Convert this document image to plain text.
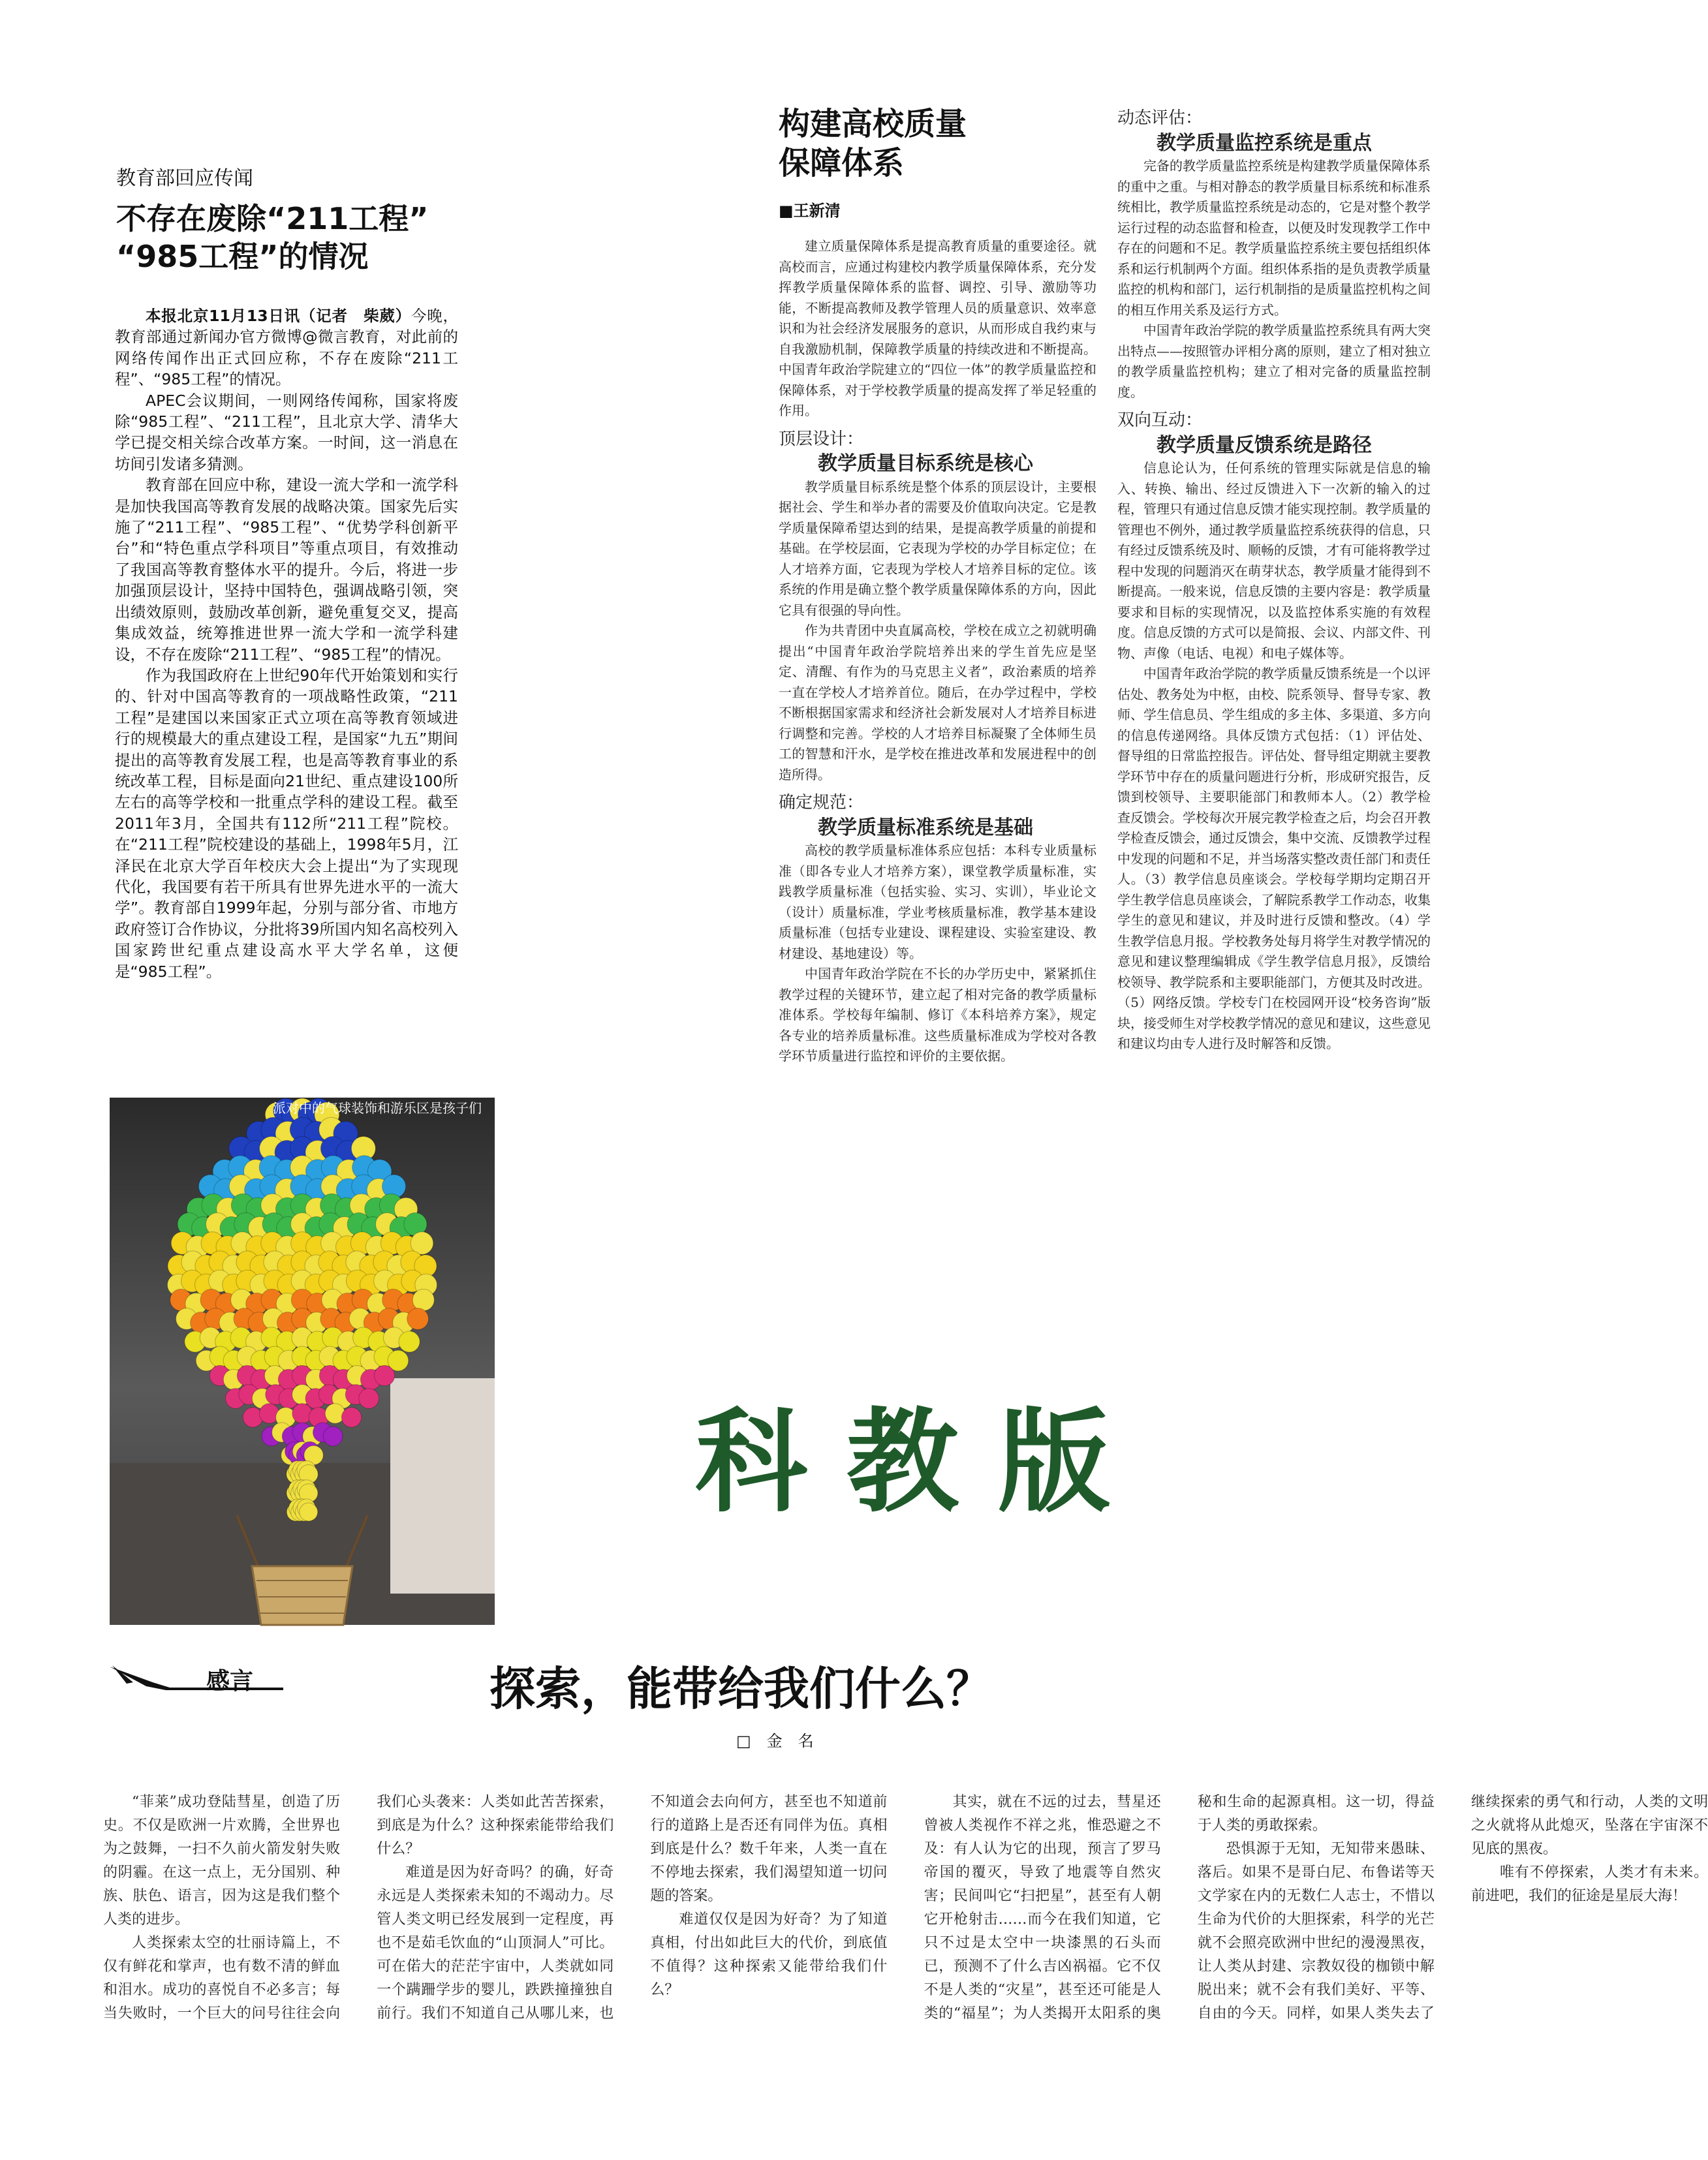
教育部回应传闻
不存在废除“211工程”
“985工程”的情况

本报北京11月13日讯（记者　柴葳）今晚，教育部通过新闻办官方微博@微言教育，对此前的网络传闻作出正式回应称，不存在废除“211工程”、“985工程”的情况。

APEC会议期间，一则网络传闻称，国家将废除“985工程”、“211工程”，且北京大学、清华大学已提交相关综合改革方案。一时间，这一消息在坊间引发诸多猜测。

教育部在回应中称，建设一流大学和一流学科是加快我国高等教育发展的战略决策。国家先后实施了“211工程”、“985工程”、“优势学科创新平台”和“特色重点学科项目”等重点项目，有效推动了我国高等教育整体水平的提升。今后，将进一步加强顶层设计，坚持中国特色，强调战略引领，突出绩效原则，鼓励改革创新，避免重复交叉，提高集成效益，统筹推进世界一流大学和一流学科建设，不存在废除“211工程”、“985工程”的情况。

作为我国政府在上世纪90年代开始策划和实行的、针对中国高等教育的一项战略性政策，“211工程”是建国以来国家正式立项在高等教育领域进行的规模最大的重点建设工程，是国家“九五”期间提出的高等教育发展工程，也是高等教育事业的系统改革工程，目标是面向21世纪、重点建设100所左右的高等学校和一批重点学科的建设工程。截至2011年3月，全国共有112所“211工程”院校。在“211工程”院校建设的基础上，1998年5月，江泽民在北京大学百年校庆大会上提出“为了实现现代化，我国要有若干所具有世界先进水平的一流大学”。教育部自1999年起，分别与部分省、市地方政府签订合作协议，分批将39所国内知名高校列入国家跨世纪重点建设高水平大学名单，这便是“985工程”。

构建高校质量
保障体系
■王新清

建立质量保障体系是提高教育质量的重要途径。就高校而言，应通过构建校内教学质量保障体系，充分发挥教学质量保障体系的监督、调控、引导、激励等功能，不断提高教师及教学管理人员的质量意识、效率意识和为社会经济发展服务的意识，从而形成自我约束与自我激励机制，保障教学质量的持续改进和不断提高。中国青年政治学院建立的“四位一体”的教学质量监控和保障体系，对于学校教学质量的提高发挥了举足轻重的作用。

顶层设计：
教学质量目标系统是核心

教学质量目标系统是整个体系的顶层设计，主要根据社会、学生和举办者的需要及价值取向决定。它是教学质量保障希望达到的结果，是提高教学质量的前提和基础。在学校层面，它表现为学校的办学目标定位；在人才培养方面，它表现为学校人才培养目标的定位。该系统的作用是确立整个教学质量保障体系的方向，因此它具有很强的导向性。

作为共青团中央直属高校，学校在成立之初就明确提出“中国青年政治学院培养出来的学生首先应是坚定、清醒、有作为的马克思主义者”，政治素质的培养一直在学校人才培养首位。随后，在办学过程中，学校不断根据国家需求和经济社会新发展对人才培养目标进行调整和完善。学校的人才培养目标凝聚了全体师生员工的智慧和汗水，是学校在推进改革和发展进程中的创造所得。

确定规范：
教学质量标准系统是基础

高校的教学质量标准体系应包括：本科专业质量标准（即各专业人才培养方案），课堂教学质量标准，实践教学质量标准（包括实验、实习、实训），毕业论文（设计）质量标准，学业考核质量标准，教学基本建设质量标准（包括专业建设、课程建设、实验室建设、教材建设、基地建设）等。

中国青年政治学院在不长的办学历史中，紧紧抓住教学过程的关键环节，建立起了相对完备的教学质量标准体系。学校每年编制、修订《本科培养方案》，规定各专业的培养质量标准。这些质量标准成为学校对各教学环节质量进行监控和评价的主要依据。

动态评估：
教学质量监控系统是重点

完备的教学质量监控系统是构建教学质量保障体系的重中之重。与相对静态的教学质量目标系统和标准系统相比，教学质量监控系统是动态的，它是对整个教学运行过程的动态监督和检查，以便及时发现教学工作中存在的问题和不足。教学质量监控系统主要包括组织体系和运行机制两个方面。组织体系指的是负责教学质量监控的机构和部门，运行机制指的是质量监控机构之间的相互作用关系及运行方式。

中国青年政治学院的教学质量监控系统具有两大突出特点——按照管办评相分离的原则，建立了相对独立的教学质量监控机构；建立了相对完备的质量监控制度。

双向互动：
教学质量反馈系统是路径

信息论认为，任何系统的管理实际就是信息的输入、转换、输出、经过反馈进入下一次新的输入的过程，管理只有通过信息反馈才能实现控制。教学质量的管理也不例外，通过教学质量监控系统获得的信息，只有经过反馈系统及时、顺畅的反馈，才有可能将教学过程中发现的问题消灭在萌芽状态，教学质量才能得到不断提高。一般来说，信息反馈的主要内容是：教学质量要求和目标的实现情况，以及监控体系实施的有效程度。信息反馈的方式可以是简报、会议、内部文件、刊物、声像（电话、电视）和电子媒体等。

中国青年政治学院的教学质量反馈系统是一个以评估处、教务处为中枢，由校、院系领导、督导专家、教师、学生信息员、学生组成的多主体、多渠道、多方向的信息传递网络。具体反馈方式包括：（1）评估处、督导组的日常监控报告。评估处、督导组定期就主要教学环节中存在的质量问题进行分析，形成研究报告，反馈到校领导、主要职能部门和教师本人。（2）教学检查反馈会。学校每次开展完教学检查之后，均会召开教学检查反馈会，通过反馈会，集中交流、反馈教学过程中发现的问题和不足，并当场落实整改责任部门和责任人。（3）教学信息员座谈会。学校每学期均定期召开学生教学信息员座谈会，了解院系教学工作动态，收集学生的意见和建议，并及时进行反馈和整改。（4）学生教学信息月报。学校教务处每月将学生对教学情况的意见和建议整理编辑成《学生教学信息月报》，反馈给校领导、教学院系和主要职能部门，方便其及时改进。（5）网络反馈。学校专门在校园网开设“校务咨询”版块，接受师生对学校教学情况的意见和建议，这些意见和建议均由专人进行及时解答和反馈。

派对中的气球装饰和游乐区是孩子们
科教版
感言	探索，能带给我们什么？
□　金　名

“菲莱”成功登陆彗星，创造了历史。不仅是欧洲一片欢腾，全世界也为之鼓舞，一扫不久前火箭发射失败的阴霾。在这一点上，无分国别、种族、肤色、语言，因为这是我们整个人类的进步。

人类探索太空的壮丽诗篇上，不仅有鲜花和掌声，也有数不清的鲜血和泪水。成功的喜悦自不必多言；每当失败时，一个巨大的问号往往会向我们心头袭来：人类如此苦苦探索，到底是为什么？这种探索能带给我们什么？

难道是因为好奇吗？的确，好奇永远是人类探索未知的不竭动力。尽管人类文明已经发展到一定程度，再也不是茹毛饮血的“山顶洞人”可比。可在偌大的茫茫宇宙中，人类就如同一个蹒跚学步的婴儿，跌跌撞撞独自前行。我们不知道自己从哪儿来，也不知道会去向何方，甚至也不知道前行的道路上是否还有同伴为伍。真相到底是什么？数千年来，人类一直在不停地去探索，我们渴望知道一切问题的答案。

难道仅仅是因为好奇？为了知道真相，付出如此巨大的代价，到底值不值得？这种探索又能带给我们什么？

其实，就在不远的过去，彗星还曾被人类视作不祥之兆，惟恐避之不及：有人认为它的出现，预言了罗马帝国的覆灭，导致了地震等自然灾害；民间叫它“扫把星”，甚至有人朝它开枪射击……而今在我们知道，它只不过是太空中一块漆黑的石头而已，预测不了什么吉凶祸福。它不仅不是人类的“灾星”，甚至还可能是人类的“福星”；为人类揭开太阳系的奥秘和生命的起源真相。这一切，得益于人类的勇敢探索。

恐惧源于无知，无知带来愚昧、落后。如果不是哥白尼、布鲁诺等天文学家在内的无数仁人志士，不惜以生命为代价的大胆探索，科学的光芒就不会照亮欧洲中世纪的漫漫黑夜，让人类从封建、宗教奴役的枷锁中解脱出来；就不会有我们美好、平等、自由的今天。同样，如果人类失去了继续探索的勇气和行动，人类的文明之火就将从此熄灭，坠落在宇宙深不见底的黑夜。

唯有不停探索，人类才有未来。前进吧，我们的征途是星辰大海！
